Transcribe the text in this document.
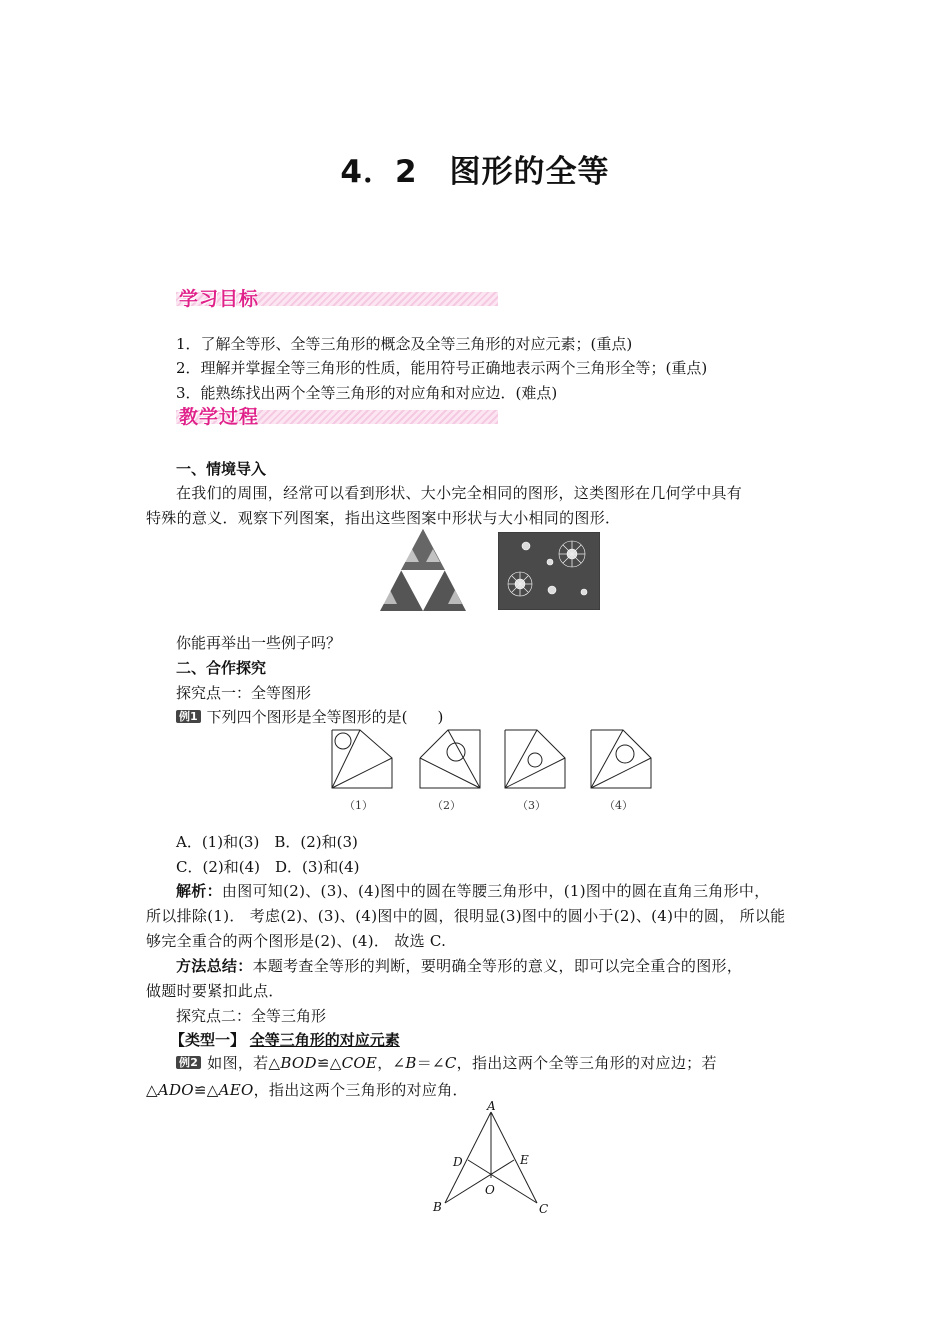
4．2　图形的全等
学习目标
1．了解全等形、全等三角形的概念及全等三角形的对应元素；(重点)
2．理解并掌握全等三角形的性质，能用符号正确地表示两个三角形全等；(重点)
3．能熟练找出两个全等三角形的对应角和对应边．(难点)
教学过程
一、情境导入
在我们的周围，经常可以看到形状、大小完全相同的图形，这类图形在几何学中具有
特殊的意义．观察下列图案，指出这些图案中形状与大小相同的图形．
你能再举出一些例子吗？
二、合作探究
探究点一：全等图形
例1 下列四个图形是全等图形的是(　　)
（1）	（2）	（3）	（4）
A．(1)和(3)　B．(2)和(3)
C．(2)和(4)　D．(3)和(4)
解析：由图可知(2)、(3)、(4)图中的圆在等腰三角形中，(1)图中的圆在直角三角形中，
所以排除(1)． 考虑(2)、(3)、(4)图中的圆，很明显(3)图中的圆小于(2)、(4)中的圆， 所以能
够完全重合的两个图形是(2)、(4)． 故选 C.
方法总结：本题考查全等形的判断，要明确全等形的意义，即可以完全重合的图形，
做题时要紧扣此点．
探究点二：全等三角形
【类型一】 全等三角形的对应元素
例2 如图，若△BOD≌△COE，∠B＝∠C，指出这两个全等三角形的对应边；若
△ADO≌△AEO，指出这两个三角形的对应角．
A
B	C
D	E
O
